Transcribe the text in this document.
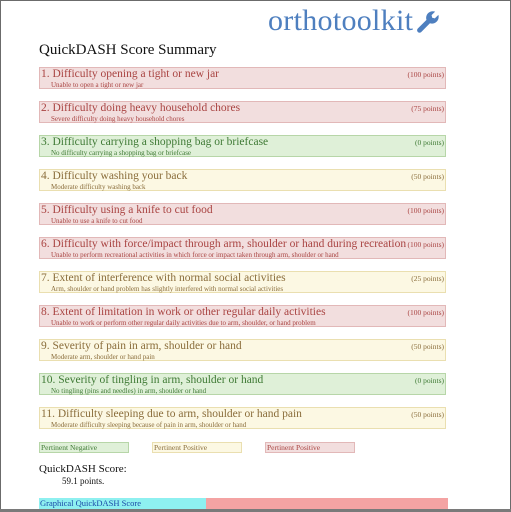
orthotoolkit
QuickDASH Score Summary
1. Difficulty opening a tight or new jar
Unable to open a tight or new jar
(100 points)
2. Difficulty doing heavy household chores
Severe difficulty doing heavy household chores
(75 points)
3. Difficulty carrying a shopping bag or briefcase
No difficulty carrying a shopping bag or briefcase
(0 points)
4. Difficulty washing your back
Moderate difficulty washing back
(50 points)
5. Difficulty using a knife to cut food
Unable to use a knife to cut food
(100 points)
6. Difficulty with force/impact through arm, shoulder or hand during recreation
Unable to perform recreational activities in which force or impact taken through arm, shoulder or hand
(100 points)
7. Extent of interference with normal social activities
Arm, shoulder or hand problem has slightly interfered with normal social activities
(25 points)
8. Extent of limitation in work or other regular daily activities
Unable to work or perform other regular daily activities due to arm, shoulder, or hand problem
(100 points)
9. Severity of pain in arm, shoulder or hand
Moderate arm, shoulder or hand pain
(50 points)
10. Severity of tingling in arm, shoulder or hand
No tingling (pins and needles) in arm, shoulder or hand
(0 points)
11. Difficulty sleeping due to arm, shoulder or hand pain
Moderate difficulty sleeping because of pain in arm, shoulder or hand
(50 points)
Pertinent Negative	Pertinent Positive	Pertinent Positive
QuickDASH Score:
59.1 points.
Graphical QuickDASH Score
